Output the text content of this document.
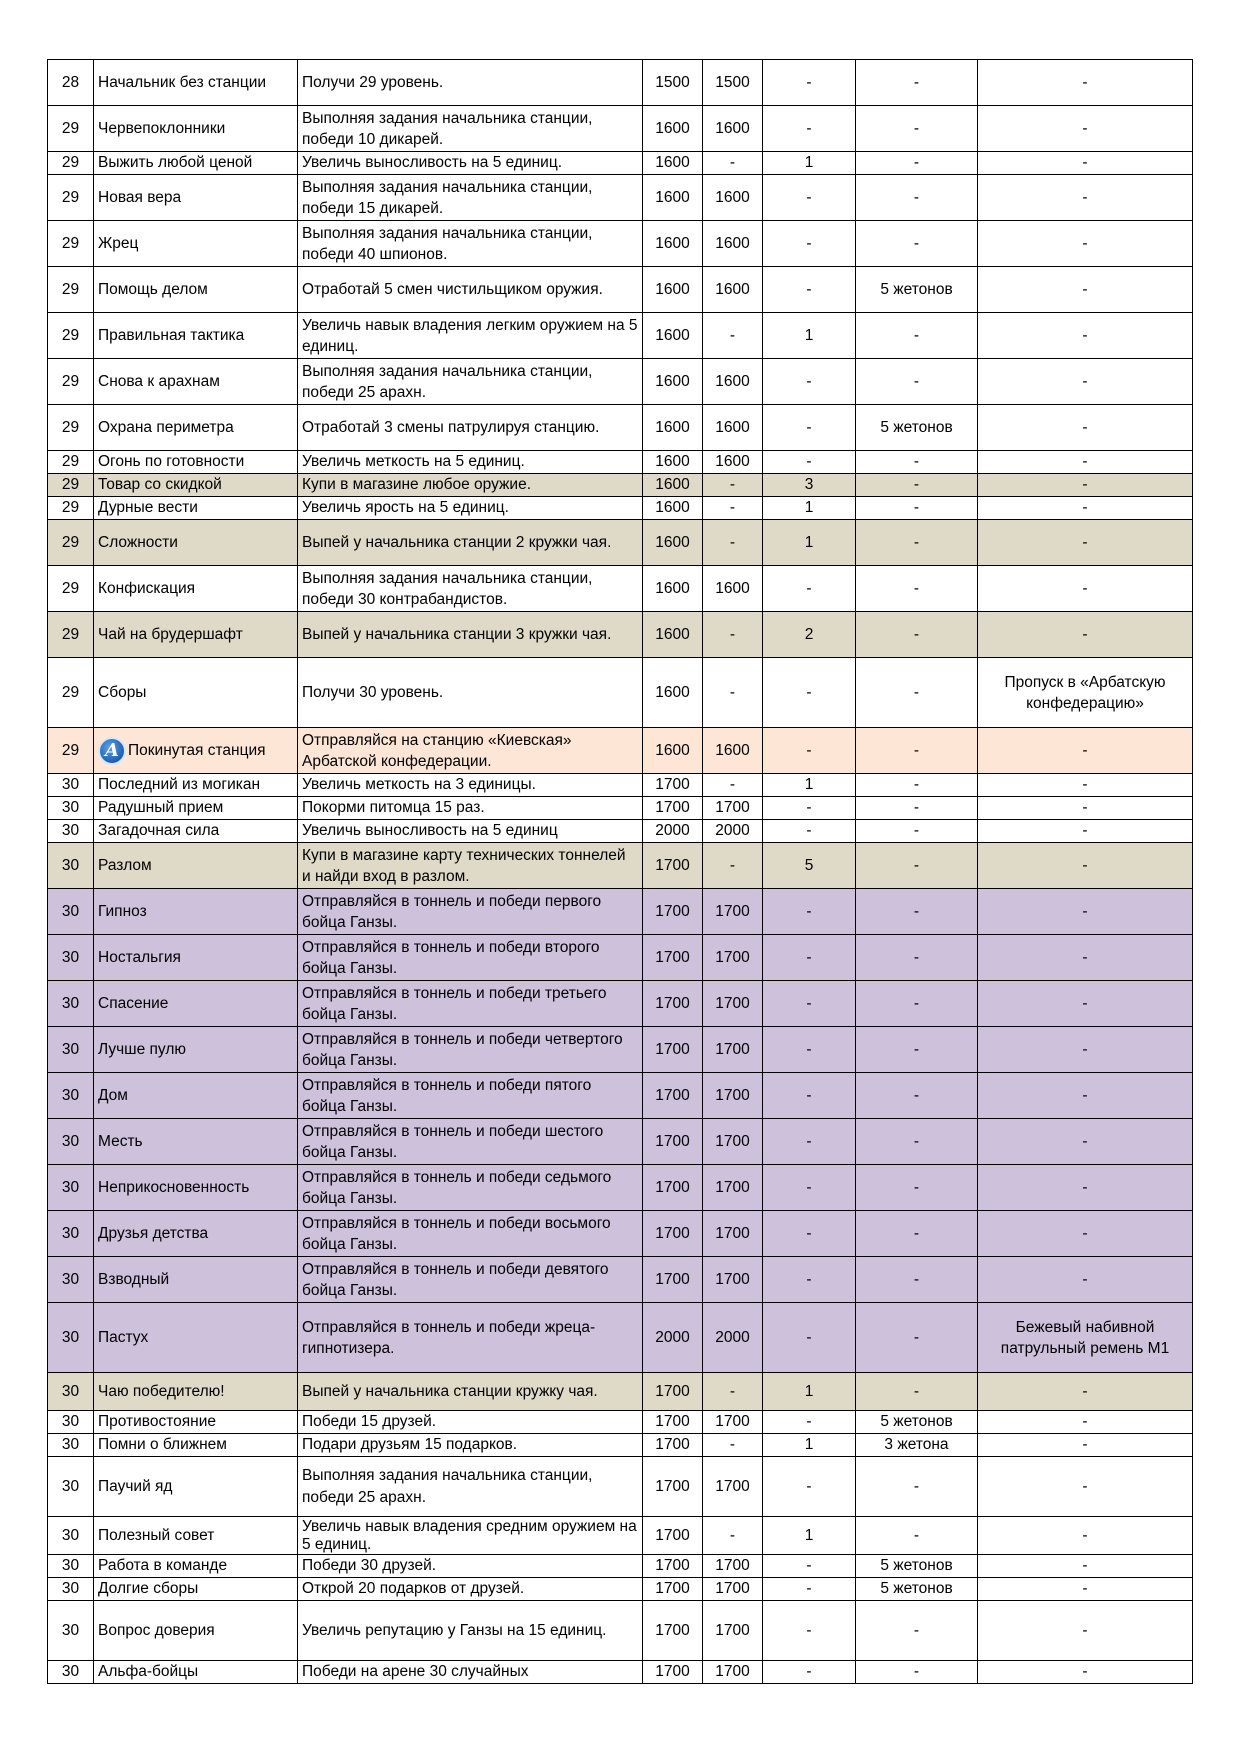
28	Начальник без станции	Получи 29 уровень.	1500	1500	-	-	-
29	Червепоклонники	Выполняя задания начальника станции, победи 10 дикарей.	1600	1600	-	-	-
29	Выжить любой ценой	Увеличь выносливость на 5 единиц.	1600	-	1	-	-
29	Новая вера	Выполняя задания начальника станции, победи 15 дикарей.	1600	1600	-	-	-
29	Жрец	Выполняя задания начальника станции, победи 40 шпионов.	1600	1600	-	-	-
29	Помощь делом	Отработай 5 смен чистильщиком оружия.	1600	1600	-	5 жетонов	-
29	Правильная тактика	Увеличь навык владения легким оружием на 5 единиц.	1600	-	1	-	-
29	Снова к арахнам	Выполняя задания начальника станции, победи 25 арахн.	1600	1600	-	-	-
29	Охрана периметра	Отработай 3 смены патрулируя станцию.	1600	1600	-	5 жетонов	-
29	Огонь по готовности	Увеличь меткость на 5 единиц.	1600	1600	-	-	-
29	Товар со скидкой	Купи в магазине любое оружие.	1600	-	3	-	-
29	Дурные вести	Увеличь ярость на 5 единиц.	1600	-	1	-	-
29	Сложности	Выпей у начальника станции 2 кружки чая.	1600	-	1	-	-
29	Конфискация	Выполняя задания начальника станции, победи 30 контрабандистов.	1600	1600	-	-	-
29	Чай на брудершафт	Выпей у начальника станции 3 кружки чая.	1600	-	2	-	-
29	Сборы	Получи 30 уровень.	1600	-	-	-	Пропуск в «Арбатскую конфедерацию»
29	A Покинутая станция	Отправляйся на станцию «Киевская» Арбатской конфедерации.	1600	1600	-	-	-
30	Последний из могикан	Увеличь меткость на 3 единицы.	1700	-	1	-	-
30	Радушный прием	Покорми питомца 15 раз.	1700	1700	-	-	-
30	Загадочная сила	Увеличь выносливость на 5 единиц	2000	2000	-	-	-
30	Разлом	Купи в магазине карту технических тоннелей и найди вход в разлом.	1700	-	5	-	-
30	Гипноз	Отправляйся в тоннель и победи первого бойца Ганзы.	1700	1700	-	-	-
30	Ностальгия	Отправляйся в тоннель и победи второго бойца Ганзы.	1700	1700	-	-	-
30	Спасение	Отправляйся в тоннель и победи третьего бойца Ганзы.	1700	1700	-	-	-
30	Лучше пулю	Отправляйся в тоннель и победи четвертого бойца Ганзы.	1700	1700	-	-	-
30	Дом	Отправляйся в тоннель и победи пятого бойца Ганзы.	1700	1700	-	-	-
30	Месть	Отправляйся в тоннель и победи шестого бойца Ганзы.	1700	1700	-	-	-
30	Неприкосновенность	Отправляйся в тоннель и победи седьмого бойца Ганзы.	1700	1700	-	-	-
30	Друзья детства	Отправляйся в тоннель и победи восьмого бойца Ганзы.	1700	1700	-	-	-
30	Взводный	Отправляйся в тоннель и победи девятого бойца Ганзы.	1700	1700	-	-	-
30	Пастух	Отправляйся в тоннель и победи жреца-гипнотизера.	2000	2000	-	-	Бежевый набивной патрульный ремень М1
30	Чаю победителю!	Выпей у начальника станции кружку чая.	1700	-	1	-	-
30	Противостояние	Победи 15 друзей.	1700	1700	-	5 жетонов	-
30	Помни о ближнем	Подари друзьям 15 подарков.	1700	-	1	3 жетона	-
30	Паучий яд	Выполняя задания начальника станции, победи 25 арахн.	1700	1700	-	-	-
30	Полезный совет	Увеличь навык владения средним оружием на 5 единиц.	1700	-	1	-	-
30	Работа в команде	Победи 30 друзей.	1700	1700	-	5 жетонов	-
30	Долгие сборы	Открой 20 подарков от друзей.	1700	1700	-	5 жетонов	-
30	Вопрос доверия	Увеличь репутацию у Ганзы на 15 единиц.	1700	1700	-	-	-
30	Альфа-бойцы	Победи на арене 30 случайных	1700	1700	-	-	-
